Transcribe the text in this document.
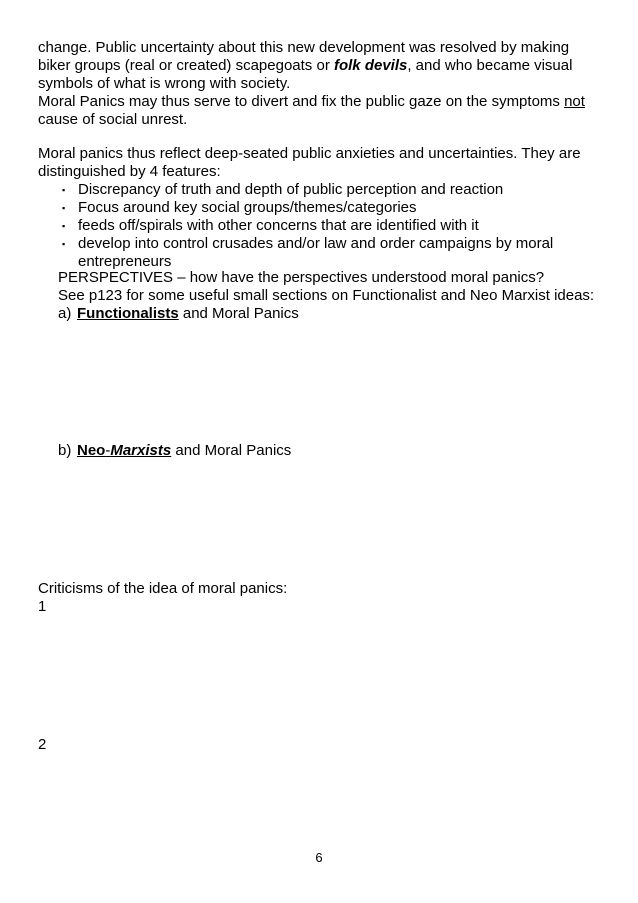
change. Public uncertainty about this new development was resolved by making
biker groups (real or created) scapegoats or folk devils, and who became visual
symbols of what is wrong with society.
Moral Panics may thus serve to divert and fix the public gaze on the symptoms not
cause of social unrest.
Moral panics thus reflect deep-seated public anxieties and uncertainties. They are
distinguished by 4 features:
▪ Discrepancy of truth and depth of public perception and reaction
▪ Focus around key social groups/themes/categories
▪ feeds off/spirals with other concerns that are identified with it
▪ develop into control crusades and/or law and order campaigns by moral
entrepreneurs
PERSPECTIVES – how have the perspectives understood moral panics?
See p123 for some useful small sections on Functionalist and Neo Marxist ideas:
a) Functionalists and Moral Panics
b) Neo-Marxists and Moral Panics
Criticisms of the idea of moral panics:
1
2
6
